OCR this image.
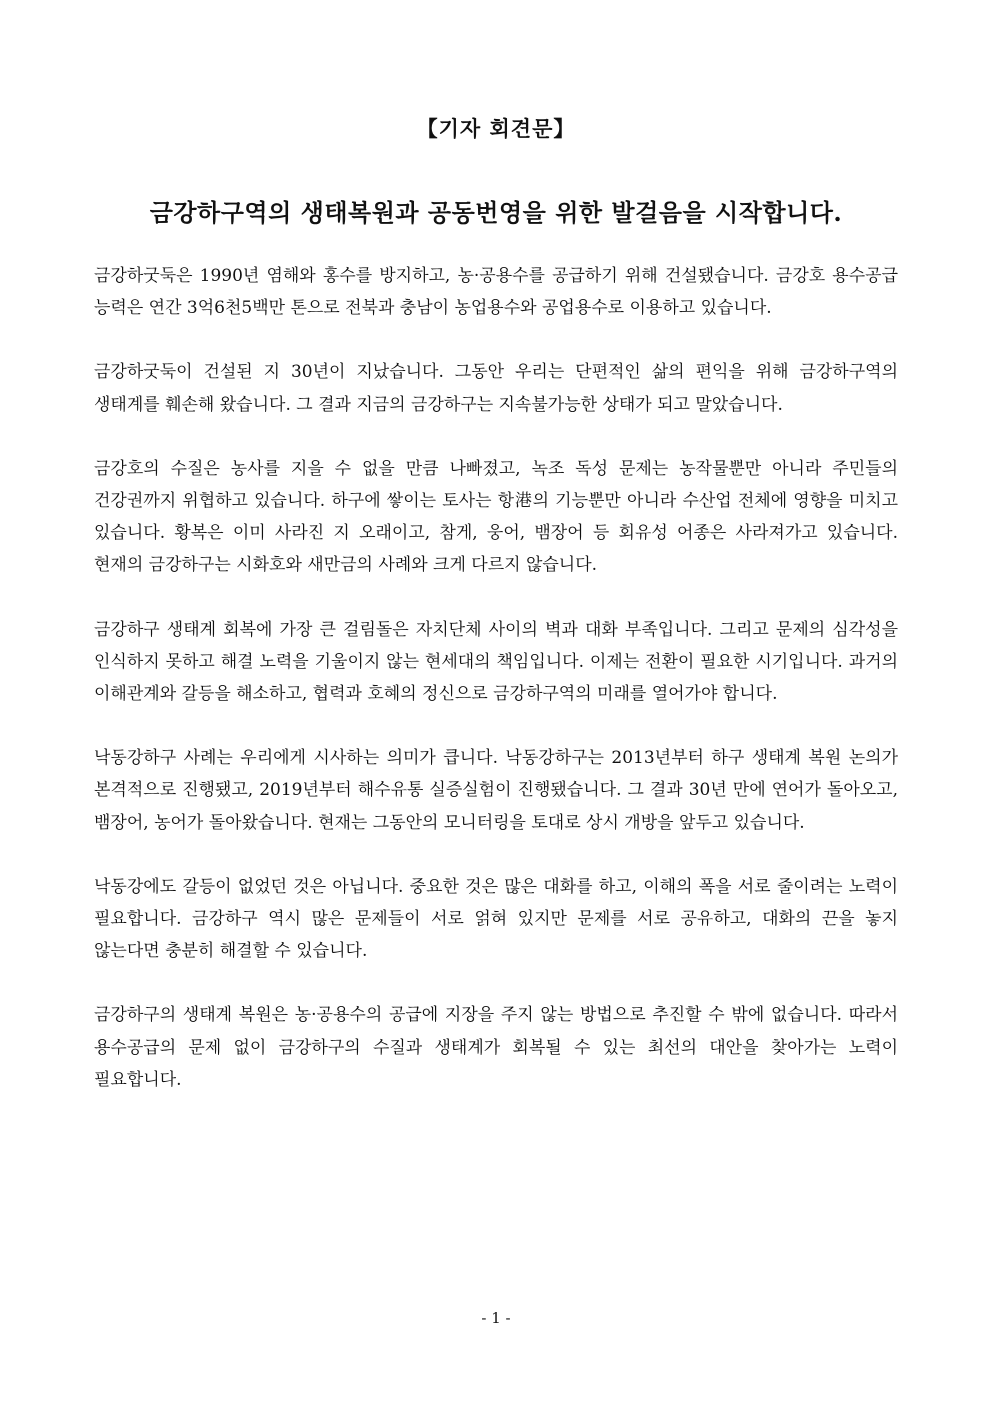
【기자 회견문】
금강하구역의 생태복원과 공동번영을 위한 발걸음을 시작합니다.

금강하굿둑은 1990년 염해와 홍수를 방지하고, 농·공용수를 공급하기 위해 건설됐습니다. 금강호 용수공급 능력은 연간 3억6천5백만 톤으로 전북과 충남이 농업용수와 공업용수로 이용하고 있습니다.

금강하굿둑이 건설된 지 30년이 지났습니다. 그동안 우리는 단편적인 삶의 편익을 위해 금강하구역의 생태계를 훼손해 왔습니다. 그 결과 지금의 금강하구는 지속불가능한 상태가 되고 말았습니다.

금강호의 수질은 농사를 지을 수 없을 만큼 나빠졌고, 녹조 독성 문제는 농작물뿐만 아니라 주민들의 건강권까지 위협하고 있습니다. 하구에 쌓이는 토사는 항港의 기능뿐만 아니라 수산업 전체에 영향을 미치고 있습니다. 황복은 이미 사라진 지 오래이고, 참게, 웅어, 뱀장어 등 회유성 어종은 사라져가고 있습니다. 현재의 금강하구는 시화호와 새만금의 사례와 크게 다르지 않습니다.

금강하구 생태계 회복에 가장 큰 걸림돌은 자치단체 사이의 벽과 대화 부족입니다. 그리고 문제의 심각성을 인식하지 못하고 해결 노력을 기울이지 않는 현세대의 책임입니다. 이제는 전환이 필요한 시기입니다. 과거의 이해관계와 갈등을 해소하고, 협력과 호혜의 정신으로 금강하구역의 미래를 열어가야 합니다.

낙동강하구 사례는 우리에게 시사하는 의미가 큽니다. 낙동강하구는 2013년부터 하구 생태계 복원 논의가 본격적으로 진행됐고, 2019년부터 해수유통 실증실험이 진행됐습니다. 그 결과 30년 만에 연어가 돌아오고, 뱀장어, 농어가 돌아왔습니다. 현재는 그동안의 모니터링을 토대로 상시 개방을 앞두고 있습니다.

낙동강에도 갈등이 없었던 것은 아닙니다. 중요한 것은 많은 대화를 하고, 이해의 폭을 서로 줄이려는 노력이 필요합니다. 금강하구 역시 많은 문제들이 서로 얽혀 있지만 문제를 서로 공유하고, 대화의 끈을 놓지 않는다면 충분히 해결할 수 있습니다.

금강하구의 생태계 복원은 농·공용수의 공급에 지장을 주지 않는 방법으로 추진할 수 밖에 없습니다. 따라서 용수공급의 문제 없이 금강하구의 수질과 생태계가 회복될 수 있는 최선의 대안을 찾아가는 노력이 필요합니다.

- 1 -
